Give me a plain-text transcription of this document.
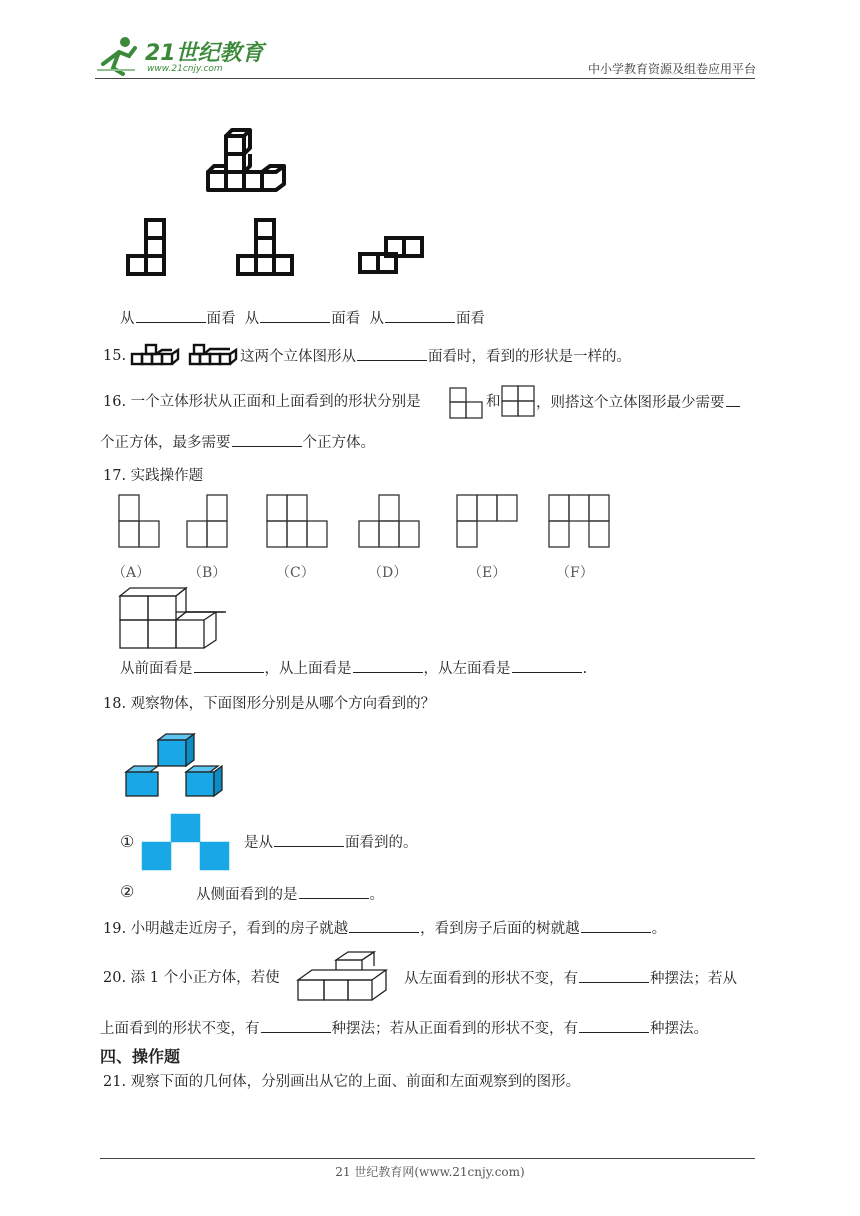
21世纪教育
www.21cnjy.com	中小学教育资源及组卷应用平台
从	面看 从	面看 从	面看
15.	这两个立体图形从	面看时，看到的形状是一样的。
16. 一个立体形状从正面和上面看到的形状分别是	和 ，则搭这个立体图形最少需要
个正方体，最多需要	个正方体。
17. 实践操作题
（A）	（B）	（C）	（D）	（E）	（F）
从前面看是	，从上面看是	，从左面看是	.
18. 观察物体，下面图形分别是从哪个方向看到的？
①	是从	面看到的。
②	从侧面看到的是	。
19. 小明越走近房子，看到的房子就越	，看到房子后面的树就越	。
20. 添 1 个小正方体，若使	从左面看到的形状不变，有	种摆法；若从
上面看到的形状不变，有	种摆法；若从正面看到的形状不变，有	种摆法。
四、操作题
21. 观察下面的几何体，分别画出从它的上面、前面和左面观察到的图形。
21 世纪教育网(www.21cnjy.com)
